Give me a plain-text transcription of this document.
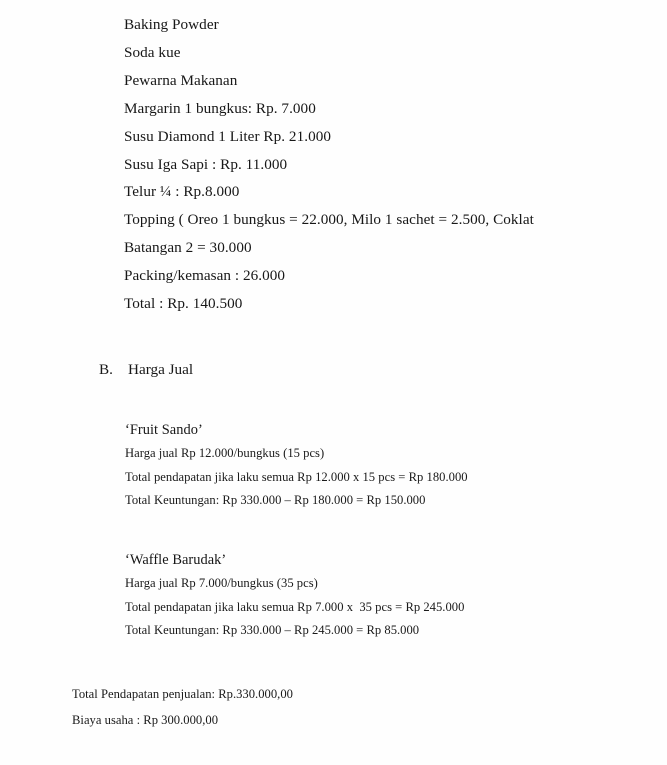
Baking Powder
Soda kue
Pewarna Makanan
Margarin 1 bungkus: Rp. 7.000
Susu Diamond 1 Liter Rp. 21.000
Susu Iga Sapi : Rp. 11.000
Telur ¼ : Rp.8.000
Topping ( Oreo 1 bungkus = 22.000, Milo 1 sachet = 2.500, Coklat
Batangan 2 = 30.000
Packing/kemasan : 26.000
Total : Rp. 140.500
B. Harga Jual
‘Fruit Sando’
Harga jual Rp 12.000/bungkus (15 pcs)
Total pendapatan jika laku semua Rp 12.000 x 15 pcs = Rp 180.000
Total Keuntungan: Rp 330.000 – Rp 180.000 = Rp 150.000
‘Waffle Barudak’
Harga jual Rp 7.000/bungkus (35 pcs)
Total pendapatan jika laku semua Rp 7.000 x  35 pcs = Rp 245.000
Total Keuntungan: Rp 330.000 – Rp 245.000 = Rp 85.000
Total Pendapatan penjualan: Rp.330.000,00
Biaya usaha : Rp 300.000,00
